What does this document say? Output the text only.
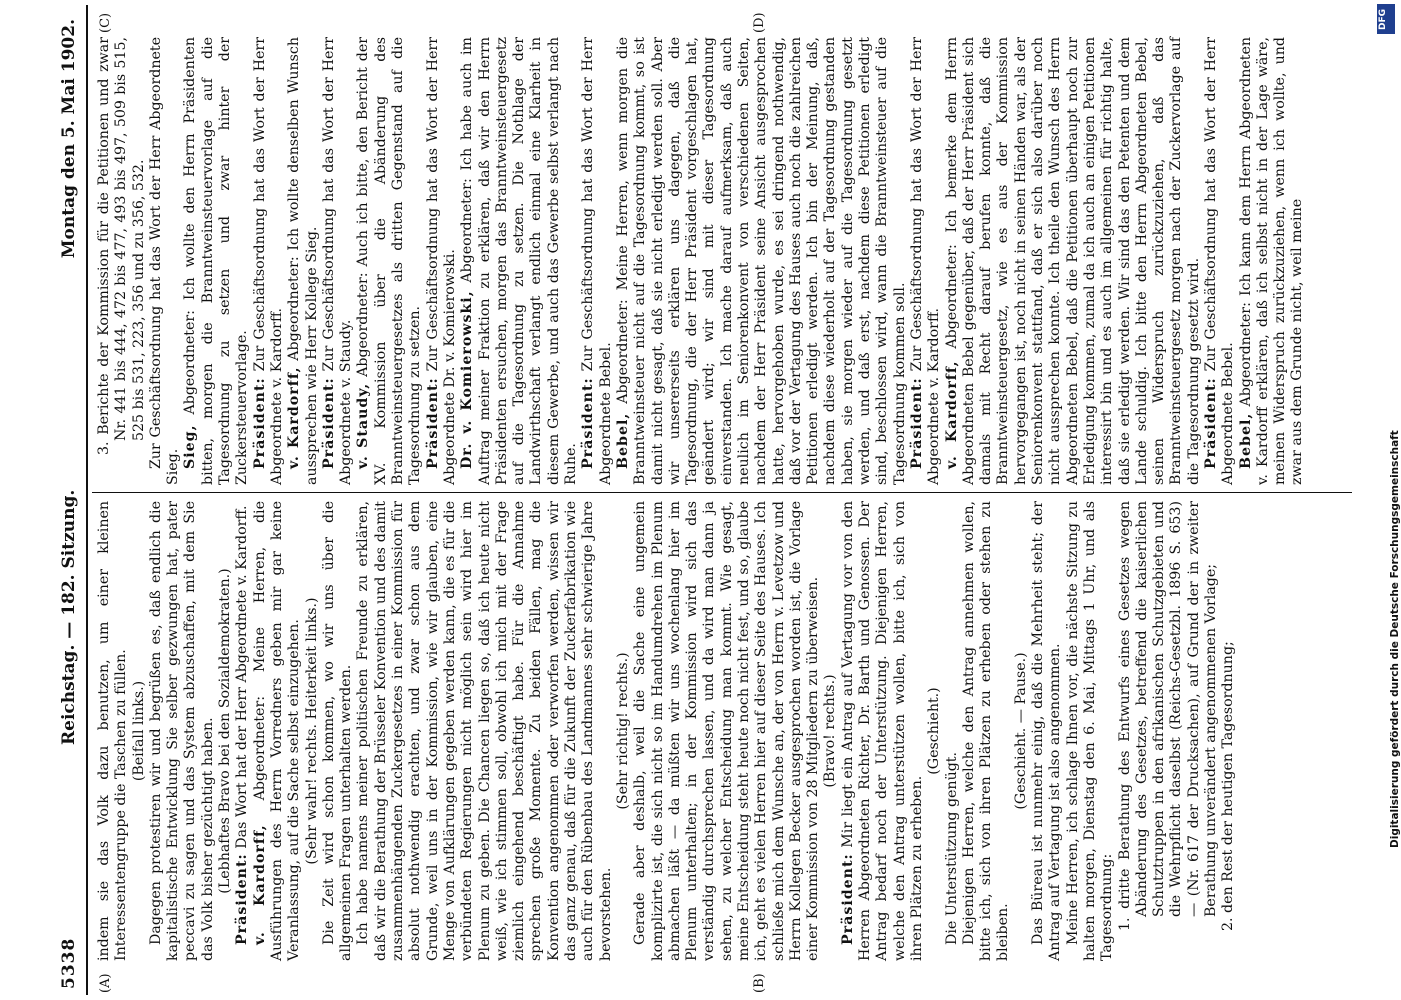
5338
Reichstag. — 182. Sitzung.
Montag den 5. Mai 1902.
(A)	(B)
(C)	(D)

indem sie das Volk dazu benutzen, um einer kleinen Interessentengruppe die Taschen zu füllen. (Beifall links.) Dagegen protestiren wir und begrüßen es, daß endlich die kapitalistische Entwicklung Sie selber gezwungen hat, pater peccavi zu sagen und das System abzuschaffen, mit dem Sie das Volk bisher gezüchtigt haben. (Lebhaftes Bravo bei den Sozialdemokraten.)

Präsident: Das Wort hat der Herr Abgeordnete v. Kardorff.

v. Kardorff, Abgeordneter: Meine Herren, die Ausführungen des Herrn Vorredners geben mir gar keine Veranlassung, auf die Sache selbst einzugehen. (Sehr wahr! rechts. Heiterkeit links.) Die Zeit wird schon kommen, wo wir uns über die allgemeinen Fragen unterhalten werden. Ich habe namens meiner politischen Freunde zu erklären, daß wir die Berathung der Brüsseler Konvention und des damit zusammenhängenden Zuckergesetzes in einer Kommission für absolut nothwendig erachten, und zwar schon aus dem Grunde, weil uns in der Kommission, wie wir glauben, eine Menge von Aufklärungen gegeben werden kann, die es für die verbündeten Regierungen nicht möglich sein wird hier im Plenum zu geben. Die Chancen liegen so, daß ich heute nicht weiß, wie ich stimmen soll, obwohl ich mich mit der Frage ziemlich eingehend beschäftigt habe. Für die Annahme sprechen große Momente. Zu beiden Fällen, mag die Konvention angenommen oder verworfen werden, wissen wir das ganz genau, daß für die Zukunft der Zuckerfabrikation wie auch für den Rübenbau des Landmannes sehr schwierige Jahre bevorstehen.

(Sehr richtig! rechts.) Gerade aber deshalb, weil die Sache eine ungemein komplizirte ist, die sich nicht so im Handumdrehen im Plenum abmachen läßt — da müßten wir uns wochenlang hier im Plenum unterhalten; in der Kommission wird sich das verständig durchsprechen lassen, und da wird man dann ja sehen, zu welcher Entscheidung man kommt. Wie gesagt, meine Entscheidung steht heute noch nicht fest, und so, glaube ich, geht es vielen Herren hier auf dieser Seite des Hauses. Ich schließe mich dem Wunsche an, der von Herrn v. Levetzow und Herrn Kollegen Becker ausgesprochen worden ist, die Vorlage einer Kommission von 28 Mitgliedern zu überweisen. (Bravo! rechts.)

Präsident: Mir liegt ein Antrag auf Vertagung vor von den Herren Abgeordneten Richter, Dr. Barth und Genossen. Der Antrag bedarf noch der Unterstützung. Diejenigen Herren, welche den Antrag unterstützen wollen, bitte ich, sich von ihren Plätzen zu erheben.

(Geschieht.)

Die Unterstützung genügt. Diejenigen Herren, welche den Antrag annehmen wollen, bitte ich, sich von ihren Plätzen zu erheben oder stehen zu bleiben.

(Geschieht. — Pause.) Das Büreau ist nunmehr einig, daß die Mehrheit steht; der Antrag auf Vertagung ist also angenommen. Meine Herren, ich schlage Ihnen vor, die nächste Sitzung zu halten morgen, Dienstag den 6. Mai, Mittags 1 Uhr, und als Tagesordnung: 1. dritte Berathung des Entwurfs eines Gesetzes wegen Abänderung des Gesetzes, betreffend die kaiserlichen Schutztruppen in den afrikanischen Schutzgebieten und die Wehrpflicht daselbst (Reichs-Gesetzbl. 1896 S. 653) — (Nr. 617 der Drucksachen), auf Grund der in zweiter Berathung unverändert angenommenen Vorlage; 2. den Rest der heutigen Tagesordnung;

3. Berichte der Kommission für die Petitionen und zwar Nr. 441 bis 444, 472 bis 477, 493 bis 497, 509 bis 515, 525 bis 531, 223, 356 und zu 356, 532. Zur Geschäftsordnung hat das Wort der Herr Abgeordnete Sieg. Sieg, Abgeordneter: Ich wollte den Herrn Präsidenten bitten, morgen die Branntweinsteuervorlage auf die Tagesordnung zu setzen und zwar hinter der Zuckersteuervorlage. Präsident: Zur Geschäftsordnung hat das Wort der Herr Abgeordnete v. Kardorff. v. Kardorff, Abgeordneter: Ich wollte denselben Wunsch aussprechen wie Herr Kollege Sieg. Präsident: Zur Geschäftsordnung hat das Wort der Herr Abgeordnete v. Staudy. v. Staudy, Abgeordneter: Auch ich bitte, den Bericht der XV. Kommission über die Abänderung des Branntweinsteuergesetzes als dritten Gegenstand auf die Tagesordnung zu setzen. Präsident: Zur Geschäftsordnung hat das Wort der Herr Abgeordnete Dr. v. Komierowski. Dr. v. Komierowski, Abgeordneter: Ich habe auch im Auftrag meiner Fraktion zu erklären, daß wir den Herrn Präsidenten ersuchen, morgen das Branntweinsteuergesetz auf die Tagesordnung zu setzen. Die Nothlage der Landwirthschaft verlangt endlich einmal eine Klarheit in diesem Gewerbe, und auch das Gewerbe selbst verlangt nach Ruhe. Präsident: Zur Geschäftsordnung hat das Wort der Herr Abgeordnete Bebel. Bebel, Abgeordneter: Meine Herren, wenn morgen die Branntweinsteuer nicht auf die Tagesordnung kommt, so ist damit nicht gesagt, daß sie nicht erledigt werden soll. Aber wir unsererseits erklären uns dagegen, daß die Tagesordnung, die der Herr Präsident vorgeschlagen hat, geändert wird; wir sind mit dieser Tagesordnung einverstanden. Ich mache darauf aufmerksam, daß auch neulich im Seniorenkonvent von verschiedenen Seiten, nachdem der Herr Präsident seine Ansicht ausgesprochen hatte, hervorgehoben wurde, es sei dringend nothwendig, daß vor der Vertagung des Hauses auch noch die zahlreichen Petitionen erledigt werden. Ich bin der Meinung, daß, nachdem diese wiederholt auf der Tagesordnung gestanden haben, sie morgen wieder auf die Tagesordnung gesetzt werden, und daß erst, nachdem diese Petitionen erledigt sind, beschlossen wird, wann die Branntweinsteuer auf die Tagesordnung kommen soll. Präsident: Zur Geschäftsordnung hat das Wort der Herr Abgeordnete v. Kardorff. v. Kardorff, Abgeordneter: Ich bemerke dem Herrn Abgeordneten Bebel gegenüber, daß der Herr Präsident sich damals mit Recht darauf berufen konnte, daß die Branntweinsteuergesetz, wie es aus der Kommission hervorgegangen ist, noch nicht in seinen Händen war, als der Seniorenkonvent stattfand, daß er sich also darüber noch nicht aussprechen konnte. Ich theile den Wunsch des Herrn Abgeordneten Bebel, daß die Petitionen überhaupt noch zur Erledigung kommen, zumal da ich auch an einigen Petitionen interessirt bin und es auch im allgemeinen für richtig halte, daß sie erledigt werden. Wir sind das den Petenten und dem Lande schuldig. Ich bitte den Herrn Abgeordneten Bebel, seinen Widerspruch zurückzuziehen, daß das Branntweinsteuergesetz morgen nach der Zuckervorlage auf die Tagesordnung gesetzt wird. Präsident: Zur Geschäftsordnung hat das Wort der Herr Abgeordnete Bebel. Bebel, Abgeordneter: Ich kann dem Herrn Abgeordneten v. Kardorff erklären, daß ich selbst nicht in der Lage wäre, meinen Widerspruch zurückzuziehen, wenn ich wollte, und zwar aus dem Grunde nicht, weil meine

DFG
Digitalisierung gefördert durch die Deutsche Forschungsgemeinschaft
